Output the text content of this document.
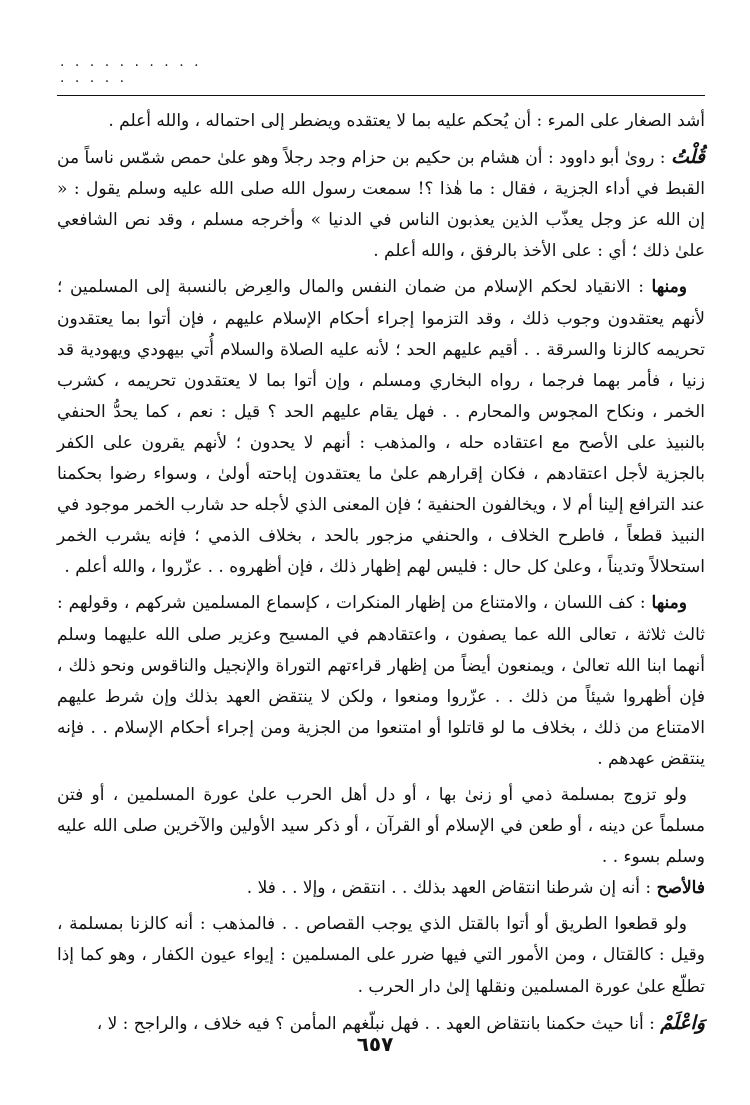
· · · · · · · · · · · · · · ·

أشد الصغار على المرء : أن يُحكم عليه بما لا يعتقده ويضطر إلى احتماله ، والله أعلم .

قُلْتُ : روىٰ أبو داوود : أن هشام بن حكيم بن حزام وجد رجلاً وهو علىٰ حمص شمّس ناساً من القبط في أداء الجزية ، فقال : ما هٰذا ؟! سمعت رسول الله صلى الله عليه وسلم يقول : « إن الله عز وجل يعذّب الذين يعذبون الناس في الدنيا » وأخرجه مسلم ، وقد نص الشافعي علىٰ ذلك ؛ أي : على الأخذ بالرفق ، والله أعلم .

ومنها : الانقياد لحكم الإسلام من ضمان النفس والمال والعِرض بالنسبة إلى المسلمين ؛ لأنهم يعتقدون وجوب ذلك ، وقد التزموا إجراء أحكام الإسلام عليهم ، فإن أتوا بما يعتقدون تحريمه كالزنا والسرقة . . أقيم عليهم الحد ؛ لأنه عليه الصلاة والسلام أُتي بيهودي ويهودية قد زنيا ، فأمر بهما فرجما ، رواه البخاري ومسلم ، وإن أتوا بما لا يعتقدون تحريمه ، كشرب الخمر ، ونكاح المجوس والمحارم . . فهل يقام عليهم الحد ؟ قيل : نعم ، كما يحدُّ الحنفي بالنبيذ على الأصح مع اعتقاده حله ، والمذهب : أنهم لا يحدون ؛ لأنهم يقرون على الكفر بالجزية لأجل اعتقادهم ، فكان إقرارهم علىٰ ما يعتقدون إباحته أولىٰ ، وسواء رضوا بحكمنا عند الترافع إلينا أم لا ، ويخالفون الحنفية ؛ فإن المعنى الذي لأجله حد شارب الخمر موجود في النبيذ قطعاً ، فاطرح الخلاف ، والحنفي مزجور بالحد ، بخلاف الذمي ؛ فإنه يشرب الخمر استحلالاً وتديناً ، وعلىٰ كل حال : فليس لهم إظهار ذلك ، فإن أظهروه . . عزّروا ، والله أعلم .

ومنها : كف اللسان ، والامتناع من إظهار المنكرات ، كإسماع المسلمين شركهم ، وقولهم : ثالث ثلاثة ، تعالى الله عما يصفون ، واعتقادهم في المسيح وعزير صلى الله عليهما وسلم أنهما ابنا الله تعالىٰ ، ويمنعون أيضاً من إظهار قراءتهم التوراة والإنجيل والناقوس ونحو ذلك ، فإن أظهروا شيئاً من ذلك . . عزّروا ومنعوا ، ولكن لا ينتقض العهد بذلك وإن شرط عليهم الامتناع من ذلك ، بخلاف ما لو قاتلوا أو امتنعوا من الجزية ومن إجراء أحكام الإسلام . . فإنه ينتقض عهدهم .

ولو تزوج بمسلمة ذمي أو زنىٰ بها ، أو دل أهل الحرب علىٰ عورة المسلمين ، أو فتن مسلماً عن دينه ، أو طعن في الإسلام أو القرآن ، أو ذكر سيد الأولين والآخرين صلى الله عليه وسلم بسوء . .

فالأصح : أنه إن شرطنا انتقاض العهد بذلك . . انتقض ، وإلا . . فلا .

ولو قطعوا الطريق أو أتوا بالقتل الذي يوجب القصاص . . فالمذهب : أنه كالزنا بمسلمة ، وقيل : كالقتال ، ومن الأمور التي فيها ضرر على المسلمين : إيواء عيون الكفار ، وهو كما إذا تطلّع علىٰ عورة المسلمين ونقلها إلىٰ دار الحرب .

وَاعْلَمْ : أنا حيث حكمنا بانتقاض العهد . . فهل نبلّغهم المأمن ؟ فيه خلاف ، والراجح : لا ،

٦٥٧
